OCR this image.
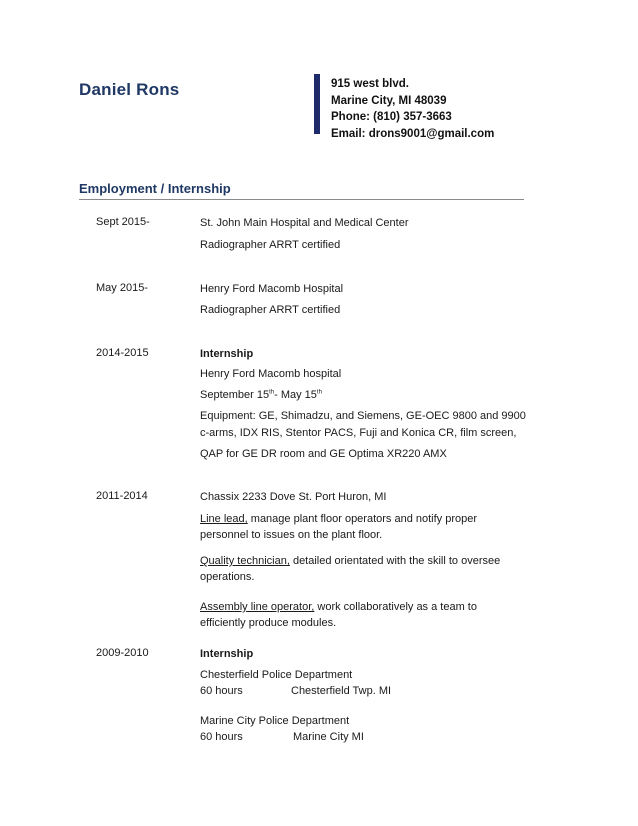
Daniel Rons	915 west blvd.
Marine City, MI 48039
Phone: (810) 357-3663
Email: drons9001@gmail.com
Employment / Internship
Sept 2015-	St. John Main Hospital and Medical Center
Radiographer ARRT certified
May 2015-	Henry Ford Macomb Hospital
Radiographer ARRT certified
2014-2015	Internship
Henry Ford Macomb hospital
September 15th- May 15th
Equipment: GE, Shimadzu, and Siemens, GE-OEC 9800 and 9900
c-arms, IDX RIS, Stentor PACS, Fuji and Konica CR, film screen,
QAP for GE DR room and GE Optima XR220 AMX
2011-2014	Chassix 2233 Dove St. Port Huron, MI
Line lead, manage plant floor operators and notify proper
personnel to issues on the plant floor.
Quality technician, detailed orientated with the skill to oversee
operations.
Assembly line operator, work collaboratively as a team to
efficiently produce modules.
2009-2010	Internship
Chesterfield Police Department
60 hours	Chesterfield Twp. MI
Marine City Police Department
60 hours	Marine City MI
